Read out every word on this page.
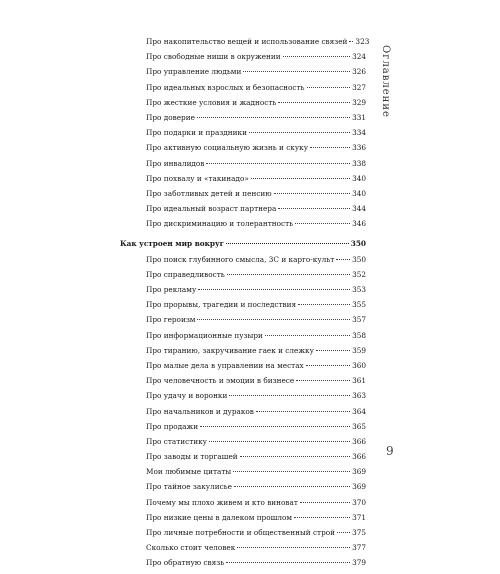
Про накопительство вещей и использование связей 323
Про свободные ниши в окружении	324
Про управление людьми	326
Про идеальных взрослых и безопасность	327
Про жесткие условия и жадность	329
Про доверие	331
Про подарки и праздники	334
Про активную социальную жизнь и скуку	336
Про инвалидов	338
Про похвалу и «такинадо»	340
Про заботливых детей и пенсию	340
Про идеальный возраст партнера	344
Про дискриминацию и толерантность	346
Как устроен мир вокруг	350
Про поиск глубинного смысла, 3С и карго-культ 350
Про справедливость	352
Про рекламу	353
Про прорывы, трагедии и последствия	355
Про героизм	357
Про информационные пузыри	358
Про тиранию, закручивание гаек и слежку	359
Про малые дела в управлении на местах	360
Про человечность и эмоции в бизнесе	361
Про удачу и воронки	363
Про начальников и дураков	364
Про продажи	365
Про статистику	366
Про заводы и торгашей	366
Мои любимые цитаты	369
Про тайное закулисье	369
Почему мы плохо живем и кто виноват	370
Про низкие цены в далеком прошлом	371
Про личные потребности и общественный строй 375
Сколько стоит человек	377
Про обратную связь	379
Оглавление
9
